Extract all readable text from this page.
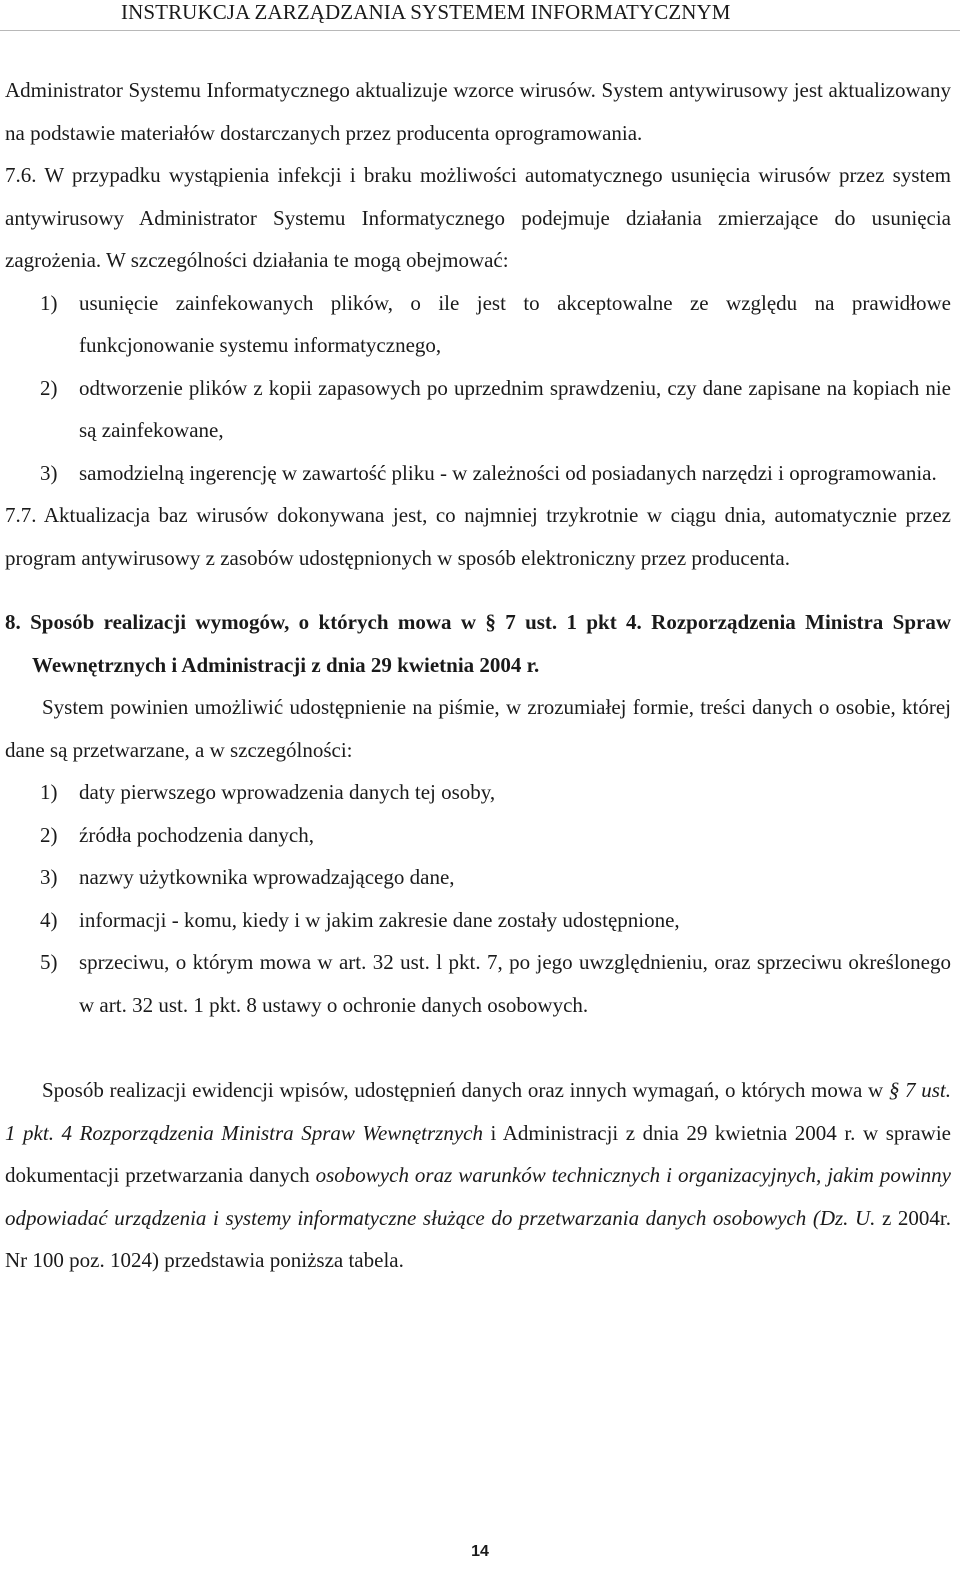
INSTRUKCJA ZARZĄDZANIA SYSTEMEM INFORMATYCZNYM

Administrator Systemu Informatycznego aktualizuje wzorce wirusów. System antywirusowy jest aktualizowany na podstawie materiałów dostarczanych przez producenta oprogramowania.

7.6. W przypadku wystąpienia infekcji i braku możliwości automatycznego usunięcia wirusów przez system antywirusowy Administrator Systemu Informatycznego podejmuje działania zmierzające do usunięcia zagrożenia. W szczególności działania te mogą obejmować:

1) usunięcie zainfekowanych plików, o ile jest to akceptowalne ze względu na prawidłowe funkcjonowanie systemu informatycznego,
2) odtworzenie plików z kopii zapasowych po uprzednim sprawdzeniu, czy dane zapisane na kopiach nie są zainfekowane,
3) samodzielną ingerencję w zawartość pliku - w zależności od posiadanych narzędzi i oprogramowania.

7.7. Aktualizacja baz wirusów dokonywana jest, co najmniej trzykrotnie w ciągu dnia, automatycznie przez program antywirusowy z zasobów udostępnionych w sposób elektroniczny przez producenta.

8. Sposób realizacji wymogów, o których mowa w § 7 ust. 1 pkt 4. Rozporządzenia Ministra Spraw Wewnętrznych i Administracji z dnia 29 kwietnia 2004 r.

System powinien umożliwić udostępnienie na piśmie, w zrozumiałej formie, treści danych o osobie, której dane są przetwarzane, a w szczególności:

1) daty pierwszego wprowadzenia danych tej osoby,
2) źródła pochodzenia danych,
3) nazwy użytkownika wprowadzającego dane,
4) informacji - komu, kiedy i w jakim zakresie dane zostały udostępnione,
5) sprzeciwu, o którym mowa w art. 32 ust. l pkt. 7, po jego uwzględnieniu, oraz sprzeciwu określonego w art. 32 ust. 1 pkt. 8 ustawy o ochronie danych osobowych.

Sposób realizacji ewidencji wpisów, udostępnień danych oraz innych wymagań, o których mowa w § 7 ust. 1 pkt. 4 Rozporządzenia Ministra Spraw Wewnętrznych i Administracji z dnia 29 kwietnia 2004 r. w sprawie dokumentacji przetwarzania danych osobowych oraz warunków technicznych i organizacyjnych, jakim powinny odpowiadać urządzenia i systemy informatyczne służące do przetwarzania danych osobowych (Dz. U. z 2004r. Nr 100 poz. 1024) przedstawia poniższa tabela.

14
